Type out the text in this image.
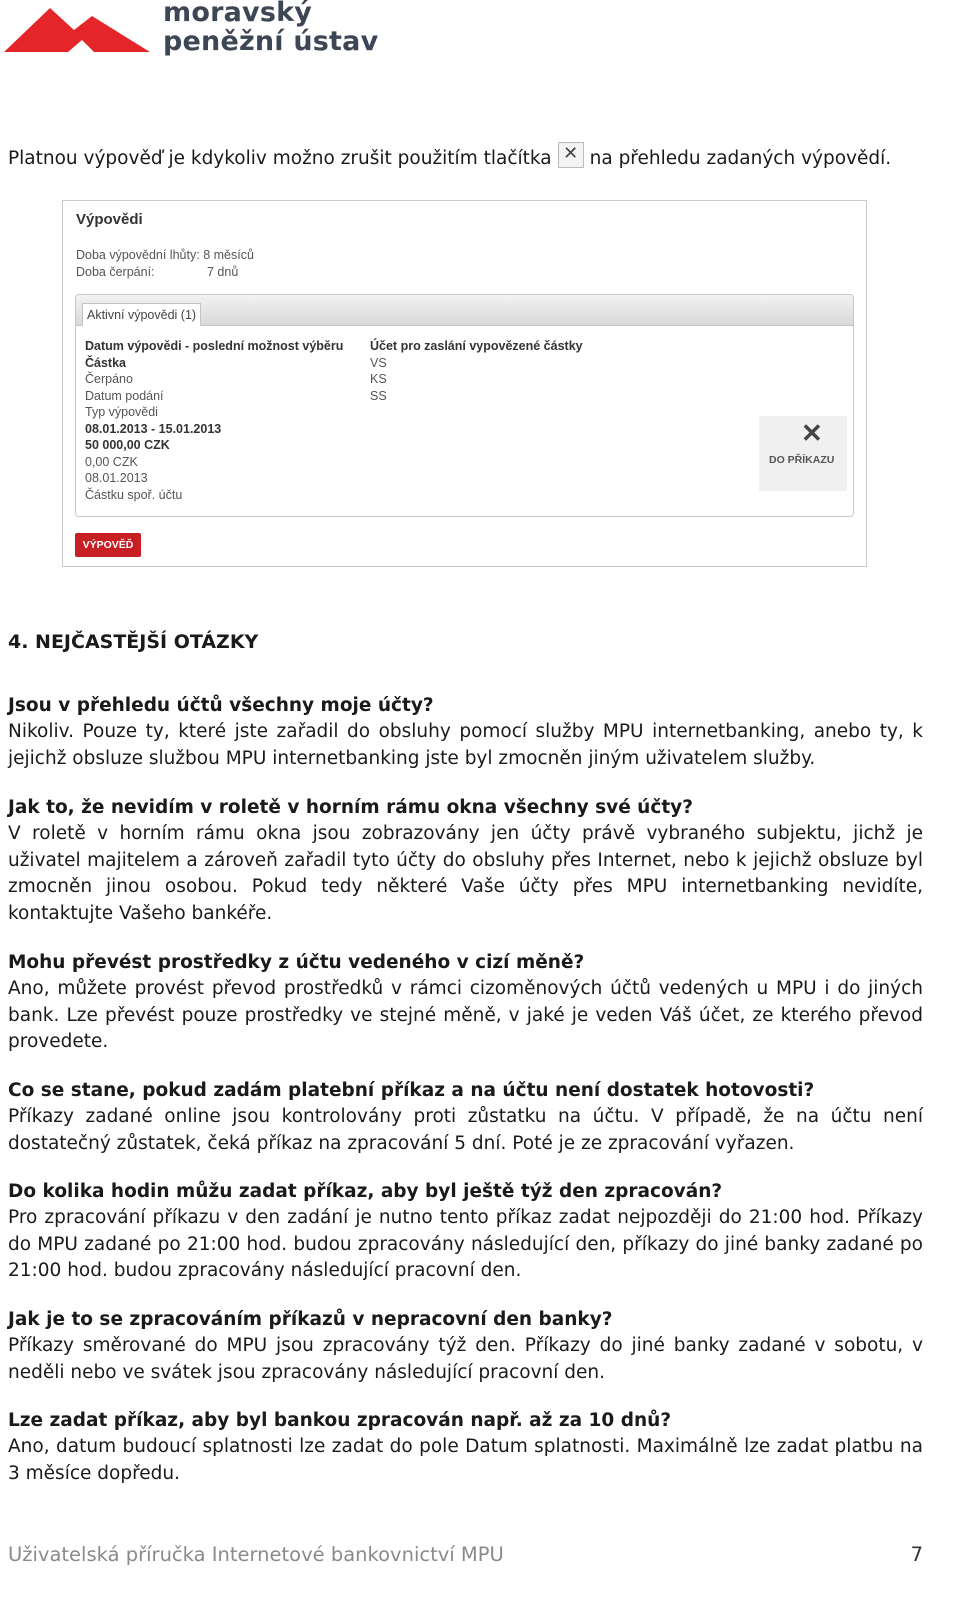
moravský
peněžní ústav
Platnou výpověď je kdykoliv možno zrušit použitím tlačítka ✕ na přehledu zadaných výpovědí.
Výpovědi
Doba výpovědní lhůty: 8 měsíců
Doba čerpání:	7 dnů
Aktivní výpovědi (1)
Datum výpovědi - poslední možnost výběru
Částka
Čerpáno
Datum podání
Typ výpovědi
08.01.2013 - 15.01.2013
50 000,00 CZK
0,00 CZK
08.01.2013
Částku spoř. účtu
Účet pro zaslání vypovězené částky
VS
KS
SS
✕
DO PŘÍKAZU
VÝPOVĚĎ
4. NEJČASTĚJŠÍ OTÁZKY
Jsou v přehledu účtů všechny moje účty?
Nikoliv. Pouze ty, které jste zařadil do obsluhy pomocí služby MPU internetbanking, anebo ty, k jejichž obsluze službou MPU internetbanking jste byl zmocněn jiným uživatelem služby.
Jak to, že nevidím v roletě v horním rámu okna všechny své účty?
V roletě v horním rámu okna jsou zobrazovány jen účty právě vybraného subjektu, jichž je uživatel majitelem a zároveň zařadil tyto účty do obsluhy přes Internet, nebo k jejichž obsluze byl zmocněn jinou osobou. Pokud tedy některé Vaše účty přes MPU internetbanking nevidíte, kontaktujte Vašeho bankéře.
Mohu převést prostředky z účtu vedeného v cizí měně?
Ano, můžete provést převod prostředků v rámci cizoměnových účtů vedených u MPU i do jiných bank. Lze převést pouze prostředky ve stejné měně, v jaké je veden Váš účet, ze kterého převod provedete.
Co se stane, pokud zadám platební příkaz a na účtu není dostatek hotovosti?
Příkazy zadané online jsou kontrolovány proti zůstatku na účtu. V případě, že na účtu není dostatečný zůstatek, čeká příkaz na zpracování 5 dní. Poté je ze zpracování vyřazen.
Do kolika hodin můžu zadat příkaz, aby byl ještě týž den zpracován?
Pro zpracování příkazu v den zadání je nutno tento příkaz zadat nejpozději do 21:00 hod. Příkazy do MPU zadané po 21:00 hod. budou zpracovány následující den, příkazy do jiné banky zadané po 21:00 hod. budou zpracovány následující pracovní den.
Jak je to se zpracováním příkazů v nepracovní den banky?
Příkazy směrované do MPU jsou zpracovány týž den. Příkazy do jiné banky zadané v sobotu, v neděli nebo ve svátek jsou zpracovány následující pracovní den.
Lze zadat příkaz, aby byl bankou zpracován např. až za 10 dnů?
Ano, datum budoucí splatnosti lze zadat do pole Datum splatnosti. Maximálně lze zadat platbu na 3 měsíce dopředu.
Uživatelská příručka Internetové bankovnictví MPU	7
